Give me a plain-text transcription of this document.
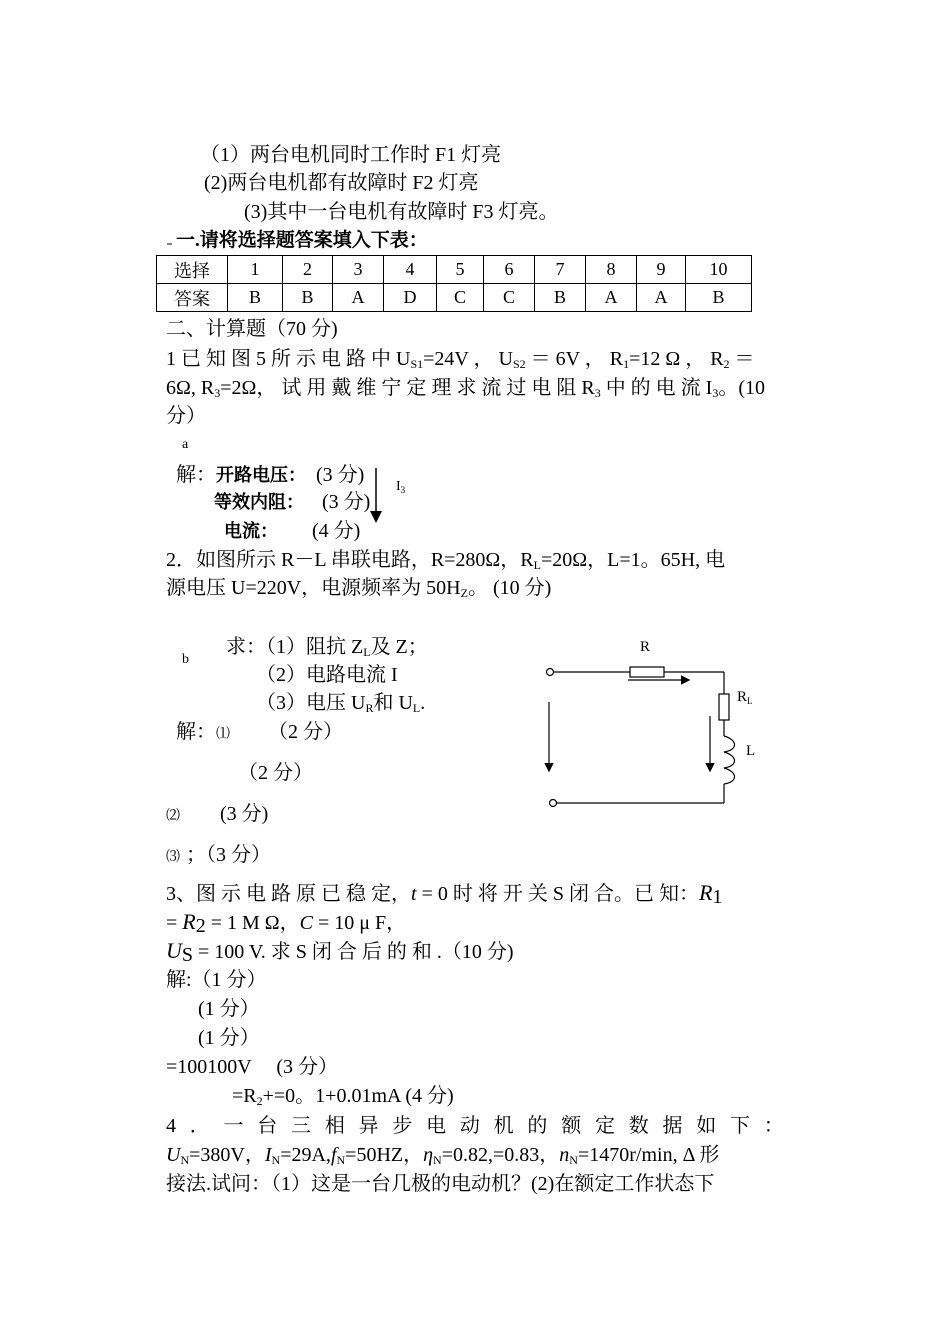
（1）两台电机同时工作时 F1 灯亮
(2)两台电机都有故障时 F2 灯亮
(3)其中一台电机有故障时 F3 灯亮。
一.请将选择题答案填入下表：
选择	1	2	3	4	5	6	7	8	9	10
答案	B	B	A	D	C	C	B	A	A	B
二、计算题（70 分)
1 已 知 图 5 所 示 电 路 中 $U_{S1}=24V$ ， $U_{S2} = 6V$ ， $R_1=12$ Ω ， $R_2$ ＝
6Ω, $R_3=2\Omega$， 试 用 戴 维 宁 定 理 求 流 过 电 阻 $R_3$ 中 的 电 流 $I_3$。(10
分）
a
解：开路电压： (3 分)
等效内阻： (3 分)
电流： (4 分)
$I_3$
2．如图所示 R－L 串联电路，R=280Ω，$R_L=20\Omega$，L=1。65H, 电
源电压 U=220V，电源频率为 $50H_Z$。 (10 分)
b
求：（1）阻抗 $Z_L$及 Z；
（2）电路电流 I
（3）电压 $U_R$和 $U_L$.
解：⑴ （2 分）
（2 分）
⑵ (3 分)
⑶ ；（3 分）
R
$R_L$
L
3、图 示 电 路 原 已 稳 定，t = 0 时 将 开 关 S 闭 合。已 知：$R_1$
= $R_2 = 1$ M Ω，C = 10 μ F，
$U_S = 100$ V. 求 S 闭 合 后 的 和 .（10 分)
解:（1 分）
(1 分）
(1 分）
=100100V     (3 分）
$=R_2+=0$。1+0.01mA (4 分)
4 ． 一 台 三 相 异 步 电 动 机 的 额 定 数 据 如 下 ：
$U_N=380V$，$I_N=29A,f_N=50HZ$，$\eta_N=0.82,=0.83$，$n_N=1470r/\min$, Δ 形
接法.试问：（1）这是一台几极的电动机？(2)在额定工作状态下
